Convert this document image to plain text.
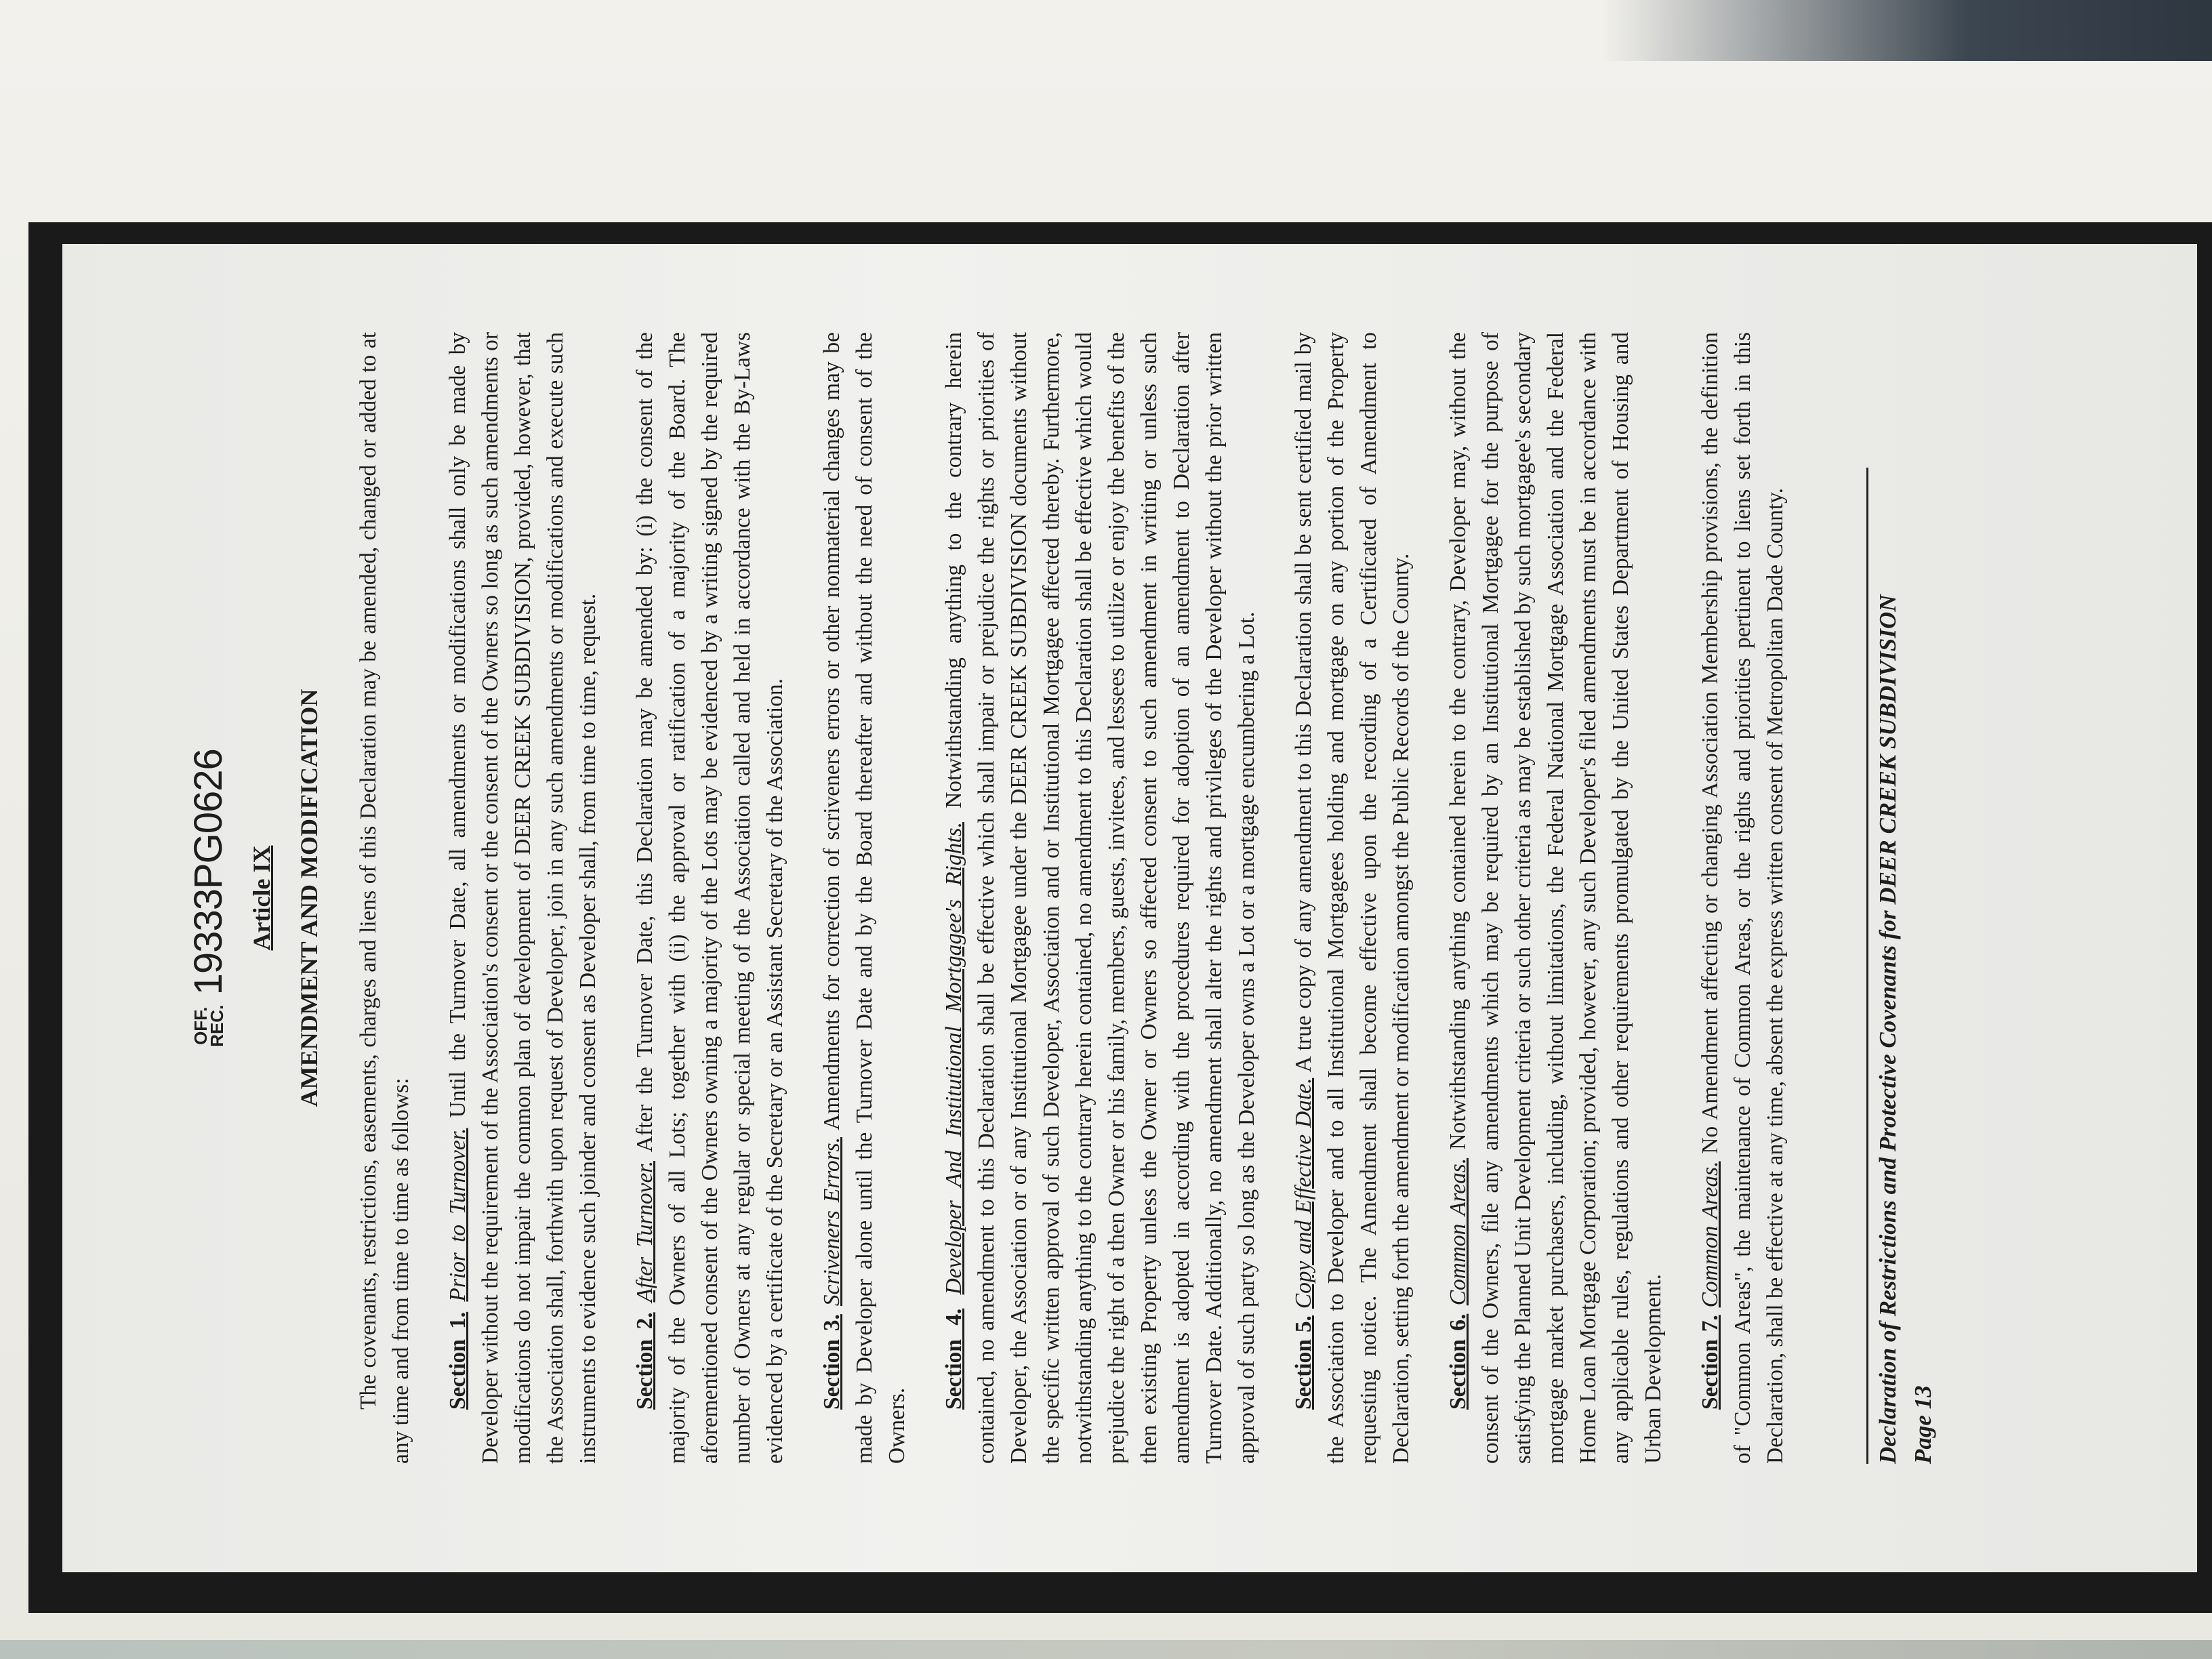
OFF.
REC. 19333PG0626 Article IX AMENDMENT AND MODIFICATION The covenants, restrictions, easements, charges and liens of this Declaration may be amended, changed or added to at any time and from time to time as follows: Section 1. Prior to Turnover. Until the Turnover Date, all amendments or modifications shall only be made by Developer without the requirement of the Association's consent or the consent of the Owners so long as such amendments or modifications do not impair the common plan of development of DEER CREEK SUBDIVISION, provided, however, that the Association shall, forthwith upon request of Developer, join in any such amendments or modifications and execute such instruments to evidence such joinder and consent as Developer shall, from time to time, request. Section 2. After Turnover. After the Turnover Date, this Declaration may be amended by: (i) the consent of the majority of the Owners of all Lots; together with (ii) the approval or ratification of a majority of the Board. The aforementioned consent of the Owners owning a majority of the Lots may be evidenced by a writing signed by the required number of Owners at any regular or special meeting of the Association called and held in accordance with the By-Laws evidenced by a certificate of the Secretary or an Assistant Secretary of the Association. Section 3. Scriveners Errors. Amendments for correction of scriveners errors or other nonmaterial changes may be made by Developer alone until the Turnover Date and by the Board thereafter and without the need of consent of the Owners.

Section 4. Developer And Institutional Mortgagee's Rights. Notwithstanding anything to the contrary herein contained, no amendment to this Declaration shall be effective which shall impair or prejudice the rights or priorities of Developer, the Association or of any Institutional Mortgagee under the DEER CREEK SUBDIVISION documents without the specific written approval of such Developer, Association and or Institutional Mortgagee affected thereby. Furthermore, notwithstanding anything to the contrary herein contained, no amendment to this Declaration shall be effective which would prejudice the right of a then Owner or his family, members, guests, invitees, and lessees to utilize or enjoy the benefits of the then existing Property unless the Owner or Owners so affected consent to such amendment in writing or unless such amendment is adopted in according with the procedures required for adoption of an amendment to Declaration after Turnover Date. Additionally, no amendment shall alter the rights and privileges of the Developer without the prior written approval of such party so long as the Developer owns a Lot or a mortgage encumbering a Lot. Section 5. Copy and Effective Date. A true copy of any amendment to this Declaration shall be sent certified mail by the Association to Developer and to all Institutional Mortgagees holding and mortgage on any portion of the Property requesting notice. The Amendment shall become effective upon the recording of a Certificated of Amendment to Declaration, setting forth the amendment or modification amongst the Public Records of the County. Section 6. Common Areas. Notwithstanding anything contained herein to the contrary, Developer may, without the consent of the Owners, file any amendments which may be required by an Institutional Mortgagee for the purpose of satisfying the Planned Unit Development criteria or such other criteria as may be established by such mortgagee's secondary mortgage market purchasers, including, without limitations, the Federal National Mortgage Association and the Federal Home Loan Mortgage Corporation; provided, however, any such Developer's filed amendments must be in accordance with any applicable rules, regulations and other requirements promulgated by the United States Department of Housing and Urban Development. Section 7. Common Areas. No Amendment affecting or changing Association Membership provisions, the definition of "Common Areas", the maintenance of Common Areas, or the rights and priorities pertinent to liens set forth in this Declaration, shall be effective at any time, absent the express written consent of Metropolitan Dade County.	Declaration of Restrictions and Protective Covenants for DEER CREEK SUBDIVISION Page 13
